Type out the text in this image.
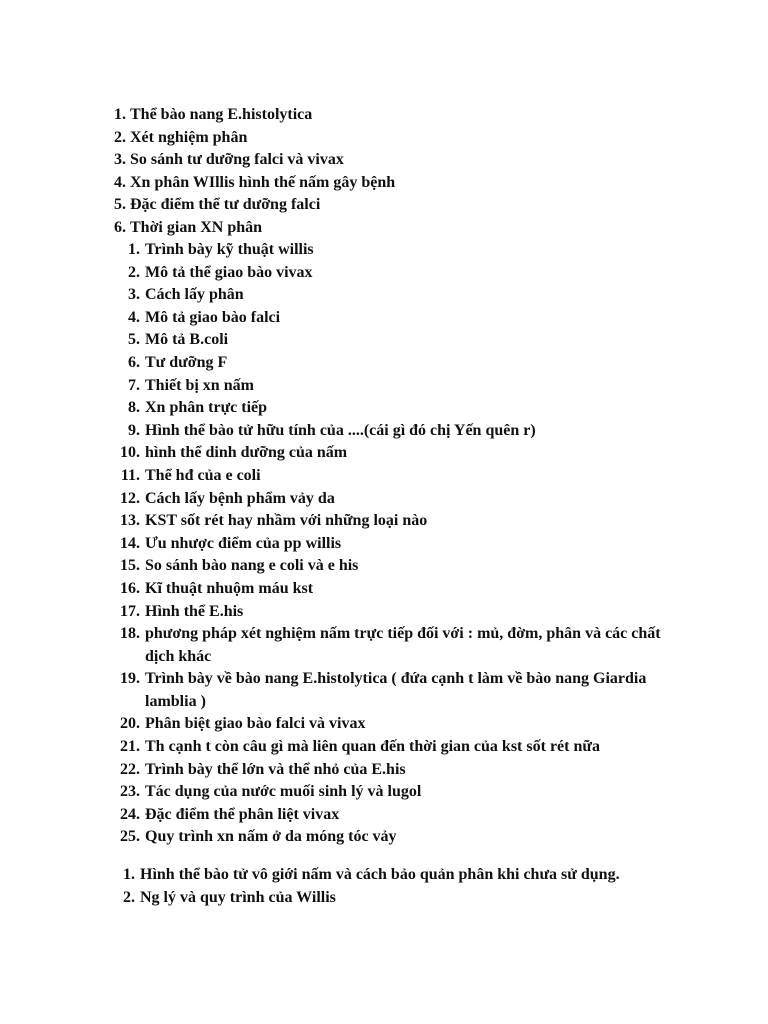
1. Thể bào nang E.histolytica
2. Xét nghiệm phân
3. So sánh tư dưỡng falci và vivax
4. Xn phân WIllis hình thế nấm gây bệnh
5. Đặc điểm thể tư dưỡng falci
6. Thời gian XN phân
1. Trình bày kỹ thuật willis
2. Mô tả thể giao bào vivax
3. Cách lấy phân
4. Mô tả giao bào falci
5. Mô tả B.coli
6. Tư dưỡng F
7. Thiết bị xn nấm
8. Xn phân trực tiếp
9. Hình thể bào tử hữu tính của ....(cái gì đó chị Yến quên r)
10. hình thể dinh dưỡng của nấm
11. Thể hđ của e coli
12. Cách lấy bệnh phẩm vảy da
13. KST sốt rét hay nhầm với những loại nào
14. Ưu nhược điểm của pp willis
15. So sánh bào nang e coli và e his
16. Kĩ thuật nhuộm máu kst
17. Hình thể E.his
18. phương pháp xét nghiệm nấm trực tiếp đối với : mủ, đờm, phân và các chất dịch khác
19. Trình bày về bào nang E.histolytica ( đứa cạnh t làm về bào nang Giardia lamblia )
20. Phân biệt giao bào falci và vivax
21. Th cạnh t còn câu gì mà liên quan đến thời gian của kst sốt rét nữa
22. Trình bày thể lớn và thể nhỏ của E.his
23. Tác dụng của nước muối sinh lý và lugol
24. Đặc điểm thể phân liệt vivax
25. Quy trình xn nấm ở da móng tóc vảy
1. Hình thể bào tử vô giới nấm và cách bảo quản phân khi chưa sử dụng.
2. Ng lý và quy trình của Willis
